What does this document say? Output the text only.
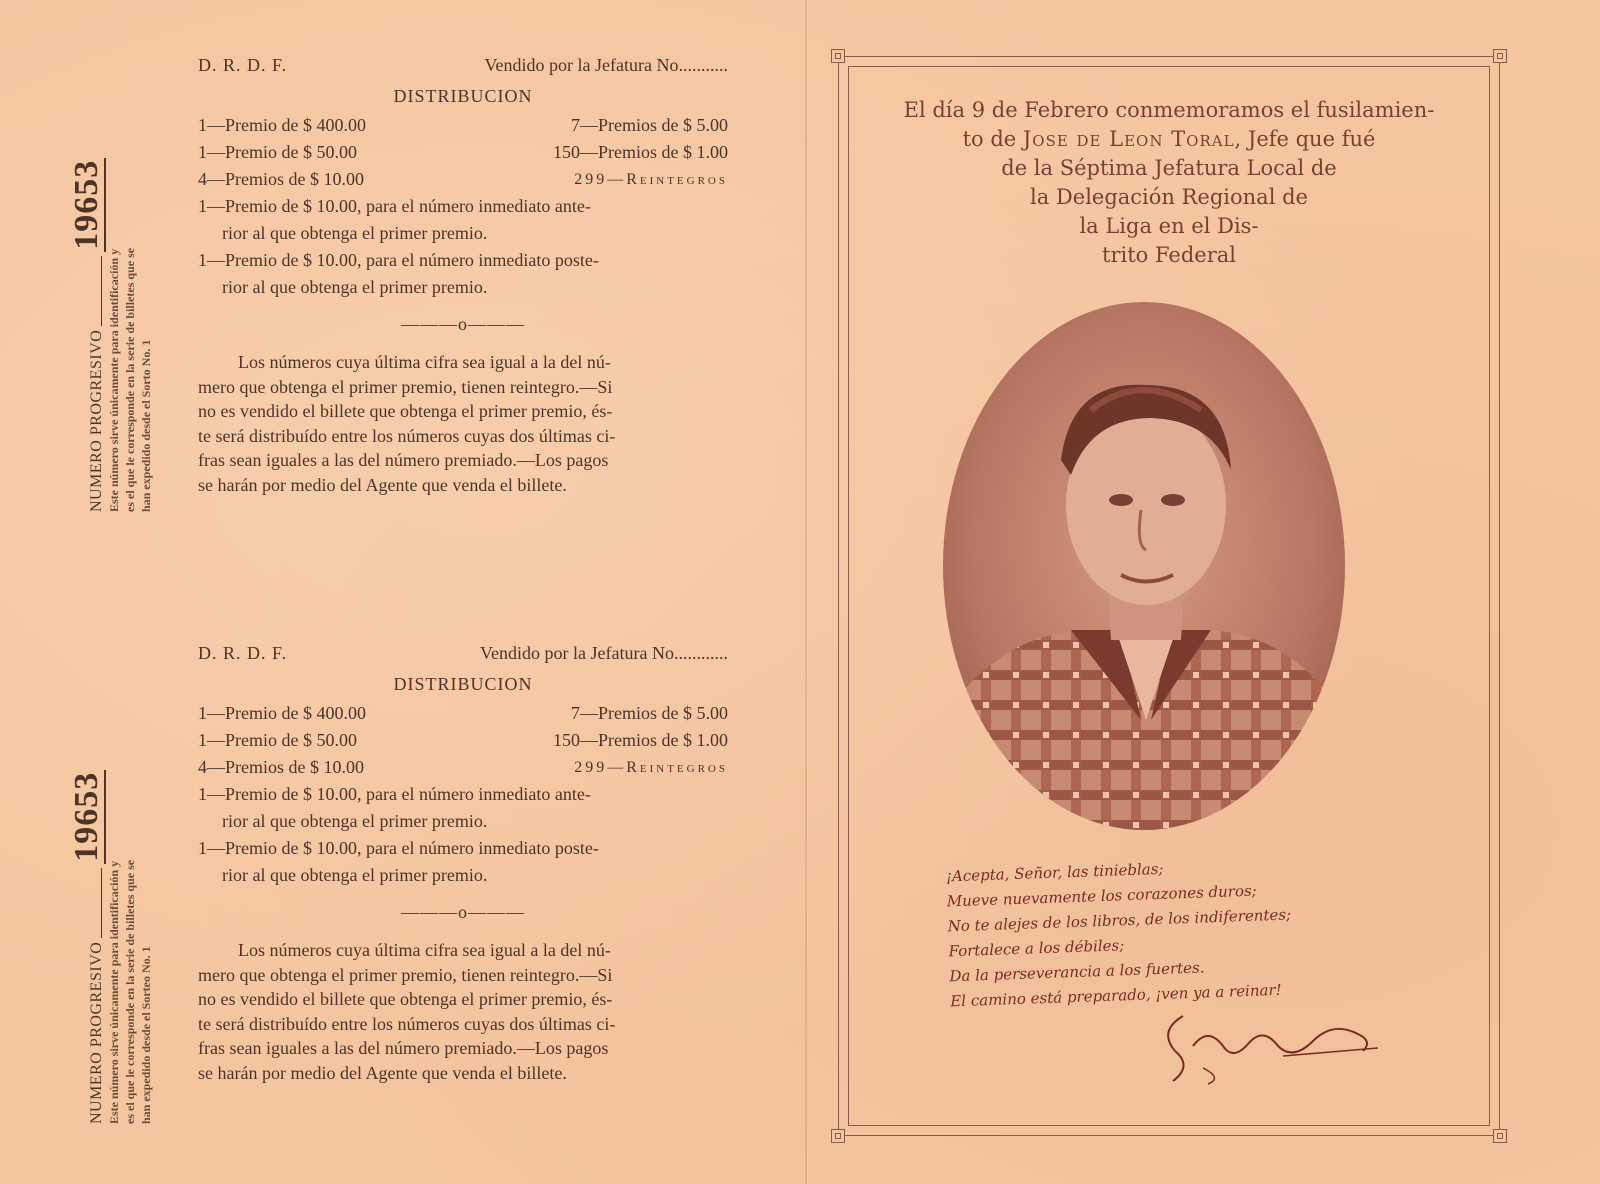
NUMERO PROGRESIVO
19653
Este número sirve únicamente para identificación y es el que le corresponde en la serie de billetes que se han expedido desde el Sorto No. 1
D. R. D. F.	Vendido por la Jefatura No...........
DISTRIBUCION
1—Premio de $ 400.00	7—Premios de $ 5.00
1—Premio de $ 50.00	150—Premios de $ 1.00
4—Premios de $ 10.00	299—Reintegros
1—Premio de $ 10.00, para el número inmediato ante-
rior al que obtenga el primer premio.
1—Premio de $ 10.00, para el número inmediato poste-
rior al que obtenga el primer premio.
———o———
Los números cuya última cifra sea igual a la del nú-
mero que obtenga el primer premio, tienen reintegro.—Si
no es vendido el billete que obtenga el primer premio, és-
te será distribuído entre los números cuyas dos últimas ci-
fras sean iguales a las del número premiado.—Los pagos
se harán por medio del Agente que venda el billete.
NUMERO PROGRESIVO
19653
Este número sirve únicamente para identificación y es el que le corresponde en la serie de billetes que se han expedido desde el Sorteo No. 1
D. R. D. F.	Vendido por la Jefatura No............
DISTRIBUCION
1—Premio de $ 400.00	7—Premios de $ 5.00
1—Premio de $ 50.00	150—Premios de $ 1.00
4—Premios de $ 10.00	299—Reintegros
1—Premio de $ 10.00, para el número inmediato ante-
rior al que obtenga el primer premio.
1—Premio de $ 10.00, para el número inmediato poste-
rior al que obtenga el primer premio.
———o———
Los números cuya última cifra sea igual a la del nú-
mero que obtenga el primer premio, tienen reintegro.—Si
no es vendido el billete que obtenga el primer premio, és-
te será distribuído entre los números cuyas dos últimas ci-
fras sean iguales a las del número premiado.—Los pagos
se harán por medio del Agente que venda el billete.
El día 9 de Febrero conmemoramos el fusilamien-
to de Jose de Leon Toral, Jefe que fué
de la Séptima Jefatura Local de
la Delegación Regional de
la Liga en el Dis-
trito Federal
¡Acepta, Señor, las tinieblas;
Mueve nuevamente los corazones duros;
No te alejes de los libros, de los indiferentes;
Fortalece a los débiles;
Da la perseverancia a los fuertes.
El camino está preparado, ¡ven ya a reinar!
